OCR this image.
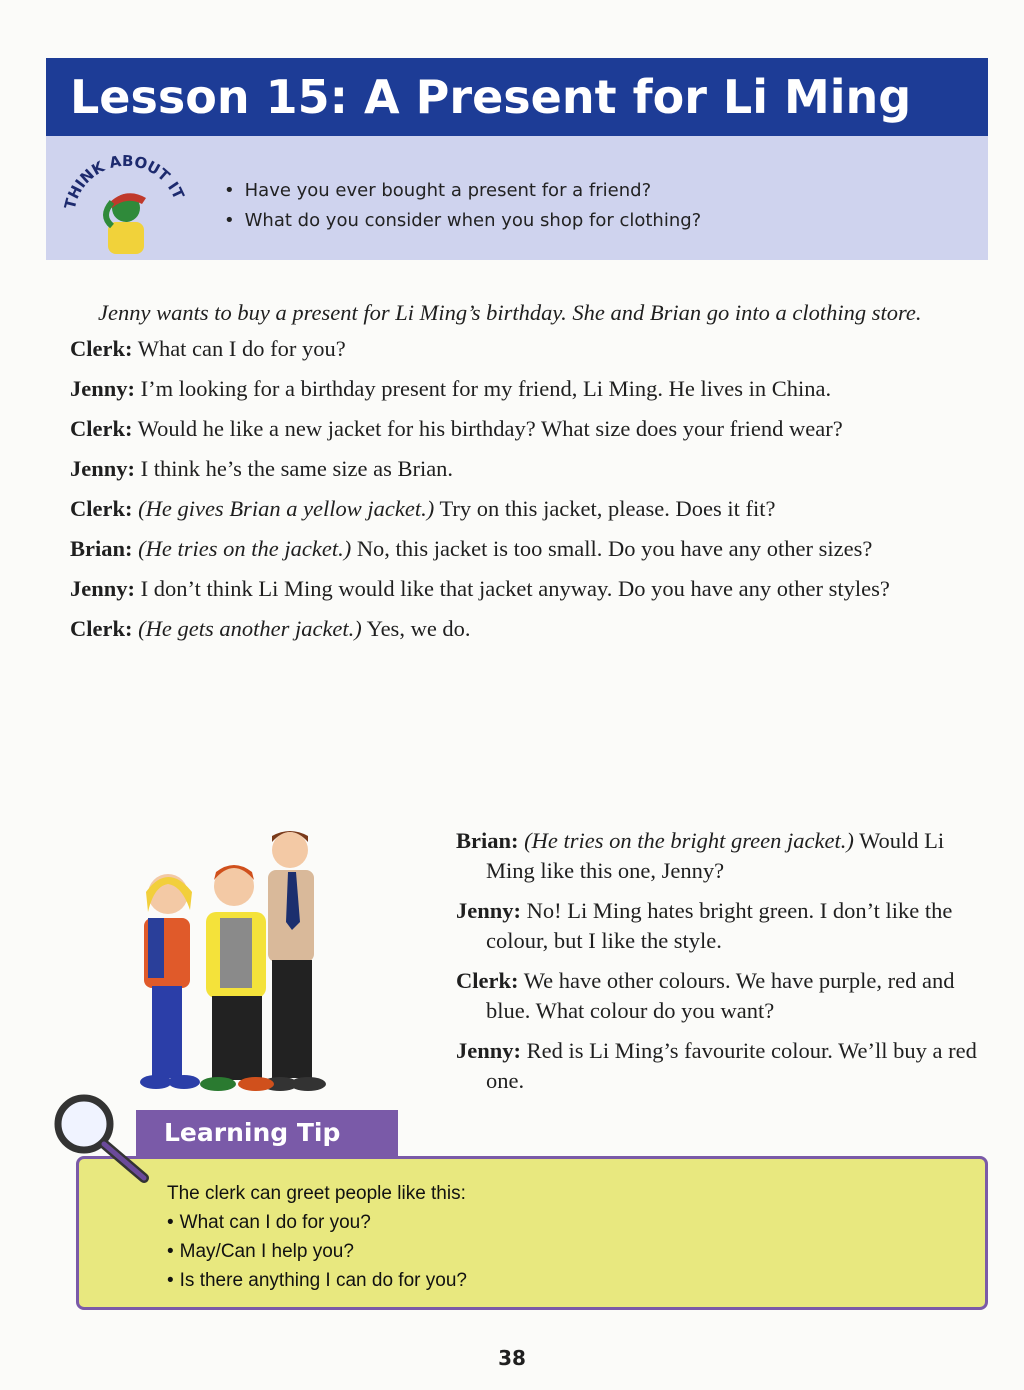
Lesson 15: A Present for Li Ming
THINK ABOUT IT
•	Have you ever bought a present for a friend?
• What do you consider when you shop for clothing?

Jenny wants to buy a present for Li Ming’s birthday. She and Brian go into a clothing store.

Clerk: What can I do for you?

Jenny: I’m looking for a birthday present for my friend, Li Ming. He lives in China.

Clerk: Would he like a new jacket for his birthday? What size does your friend wear?

Jenny: I think he’s the same size as Brian.

Clerk: (He gives Brian a yellow jacket.) Try on this jacket, please. Does it fit?

Brian: (He tries on the jacket.) No, this jacket is too small. Do you have any other sizes?

Jenny: I don’t think Li Ming would like that jacket anyway. Do you have any other styles?

Clerk: (He gets another jacket.) Yes, we do.

Brian: (He tries on the bright green jacket.) Would Li Ming like this one, Jenny?

Jenny: No! Li Ming hates bright green. I don’t like the colour, but I like the style.

Clerk: We have other colours. We have purple, red and blue. What colour do you want?

Jenny: Red is Li Ming’s favourite colour. We’ll buy a red one.

The clerk can greet people like this:
• What can I do for you?
• May/Can I help you?
• Is there anything I can do for you?
Learning Tip
38
